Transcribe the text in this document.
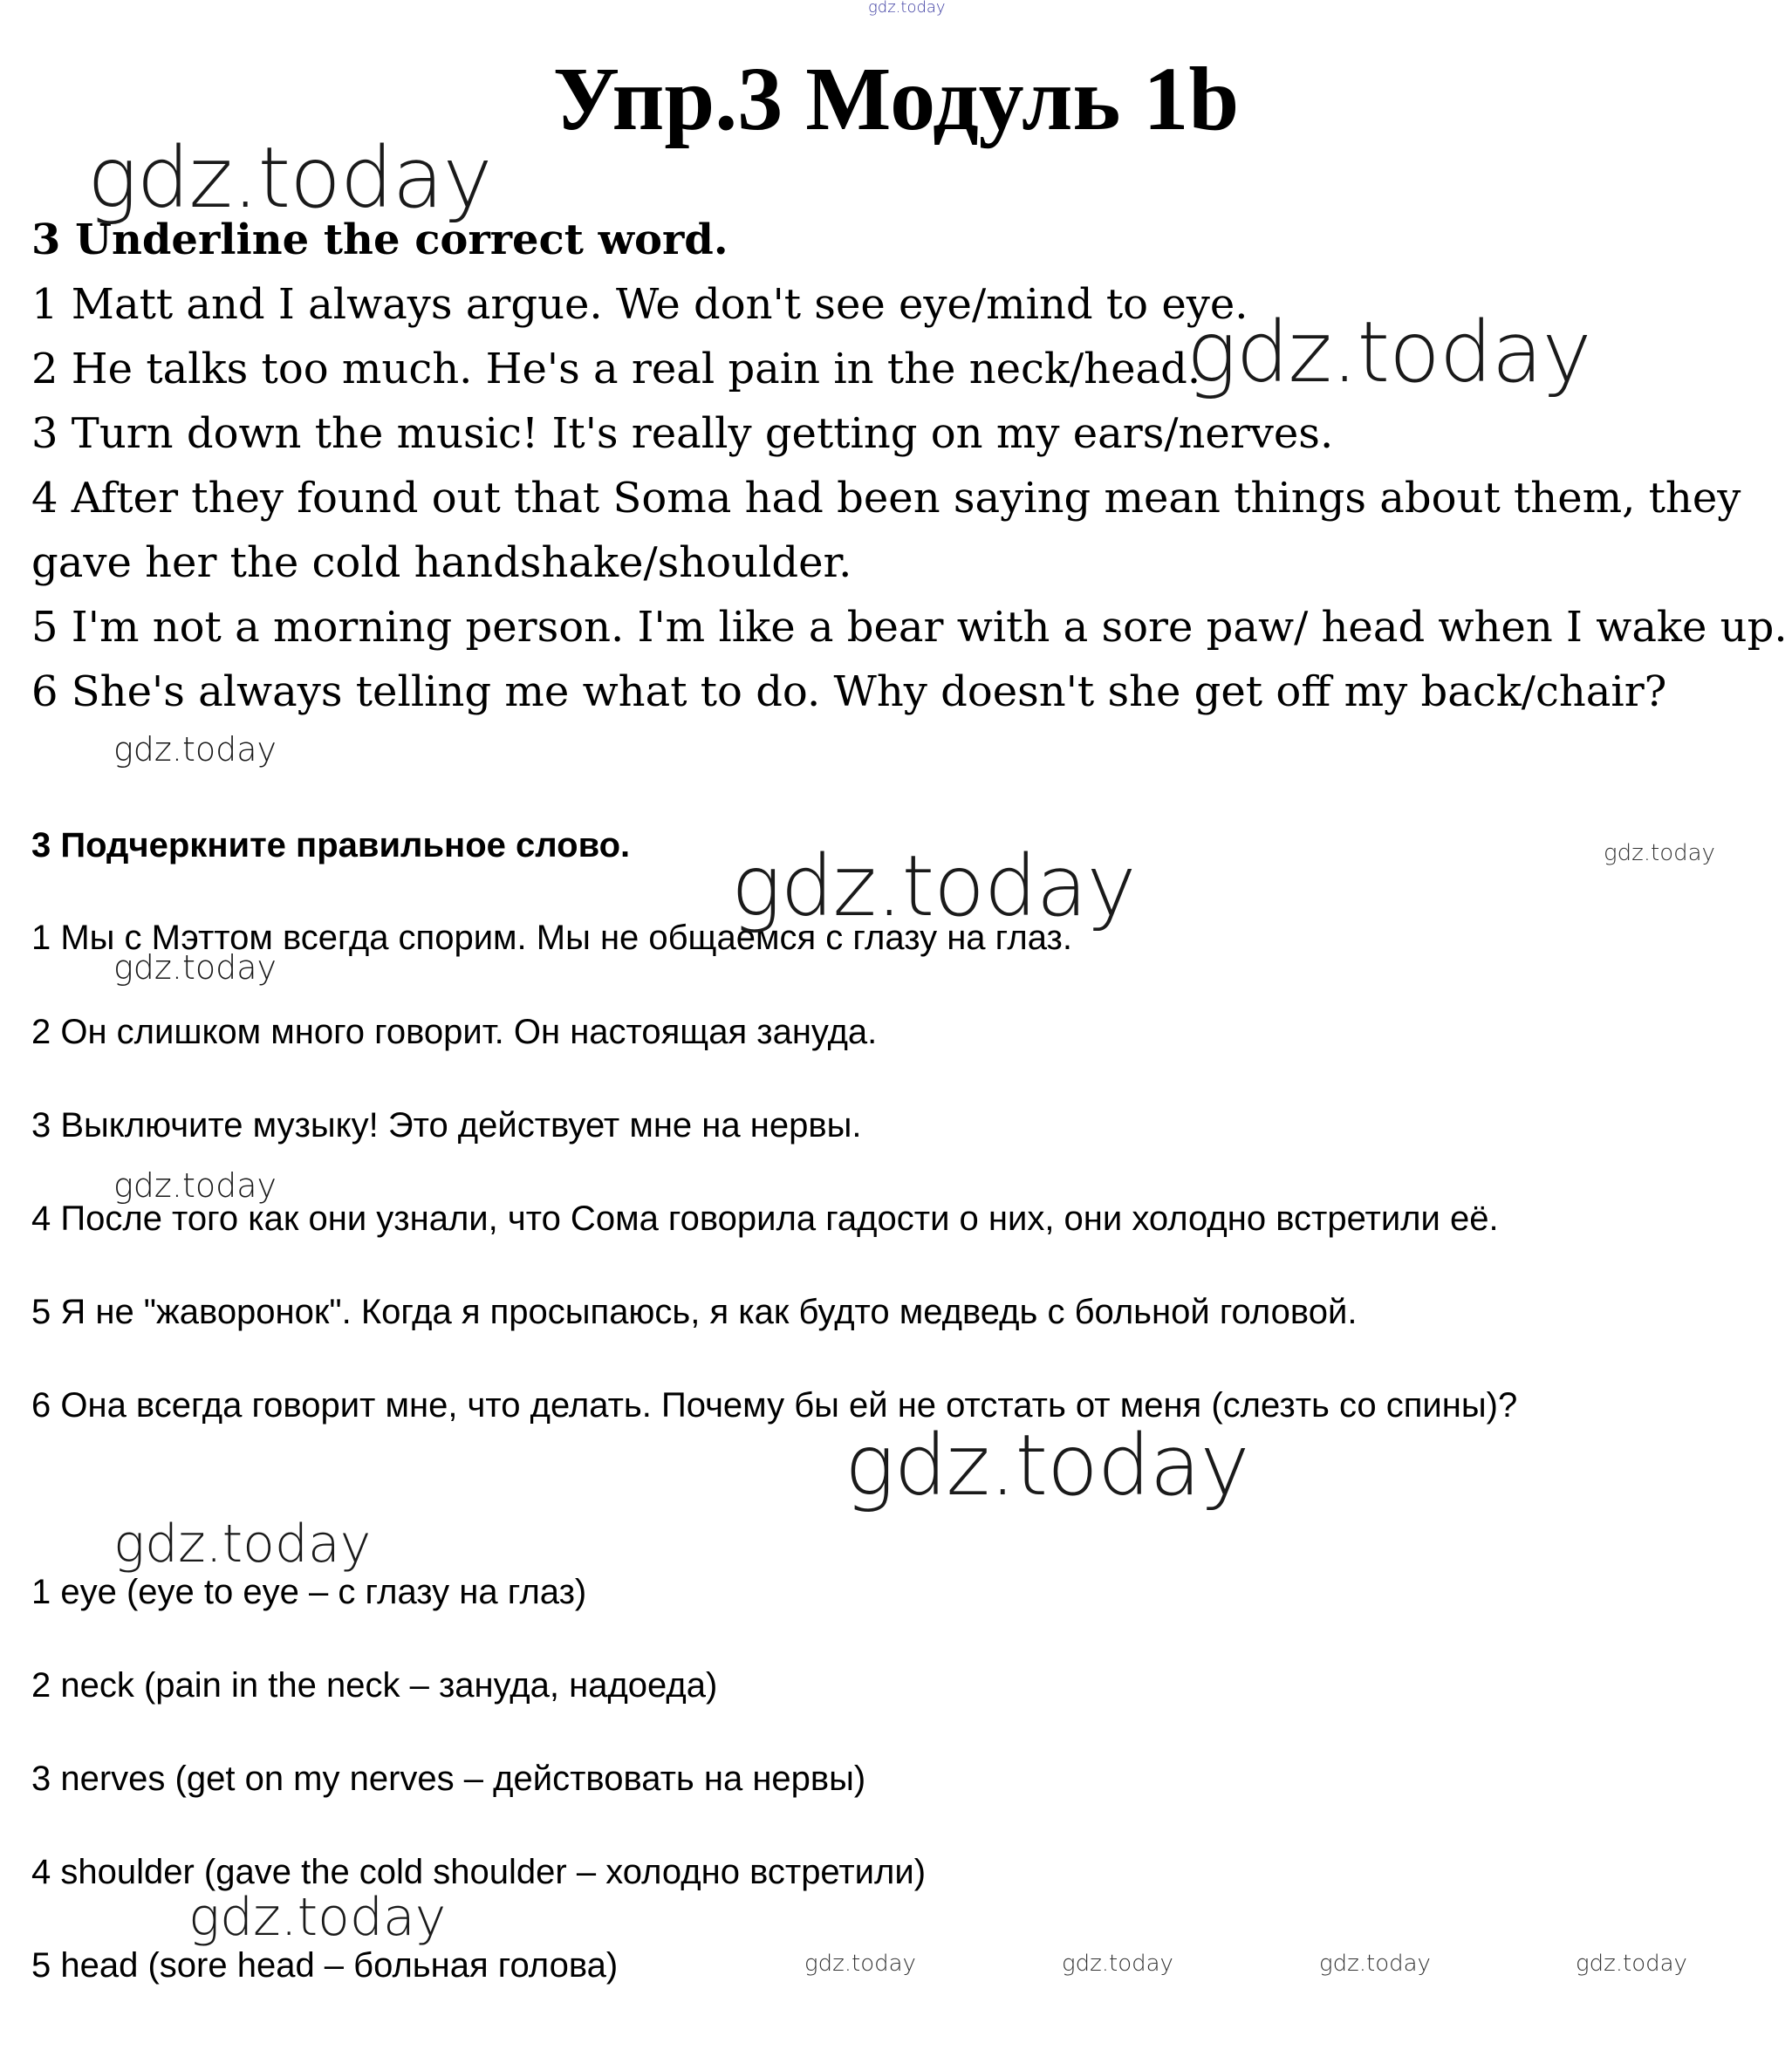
Упр.3 Модуль 1b
3 Underline the correct word.
1 Matt and I always argue. We don't see eye/mind to eye.
2 He talks too much. He's a real pain in the neck/head.
3 Turn down the music! It's really getting on my ears/nerves.
4 After they found out that Soma had been saying mean things about them, they
gave her the cold handshake/shoulder.
5 I'm not a morning person. I'm like a bear with a sore paw/ head when I wake up.
6 She's always telling me what to do. Why doesn't she get off my back/chair?
3 Подчеркните правильное слово.
1 Мы с Мэттом всегда спорим. Мы не общаемся с глазу на глаз.
2 Он слишком много говорит. Он настоящая зануда.
3 Выключите музыку! Это действует мне на нервы.
4 После того как они узнали, что Сома говорила гадости о них, они холодно встретили её.
5 Я не "жаворонок". Когда я просыпаюсь, я как будто медведь с больной головой.
6 Она всегда говорит мне, что делать. Почему бы ей не отстать от меня (слезть со спины)?
1 eye (eye to eye – с глазу на глаз)
2 neck (pain in the neck – зануда, надоеда)
3 nerves (get on my nerves – действовать на нервы)
4 shoulder (gave the cold shoulder – холодно встретили)
5 head (sore head – больная голова)
gdz.today
gdz.today
gdz.today
gdz.today
gdz.today
gdz.today
gdz.today
gdz.today
gdz.today
gdz.today
gdz.today
gdz.today	gdz.today	gdz.today	gdz.today
